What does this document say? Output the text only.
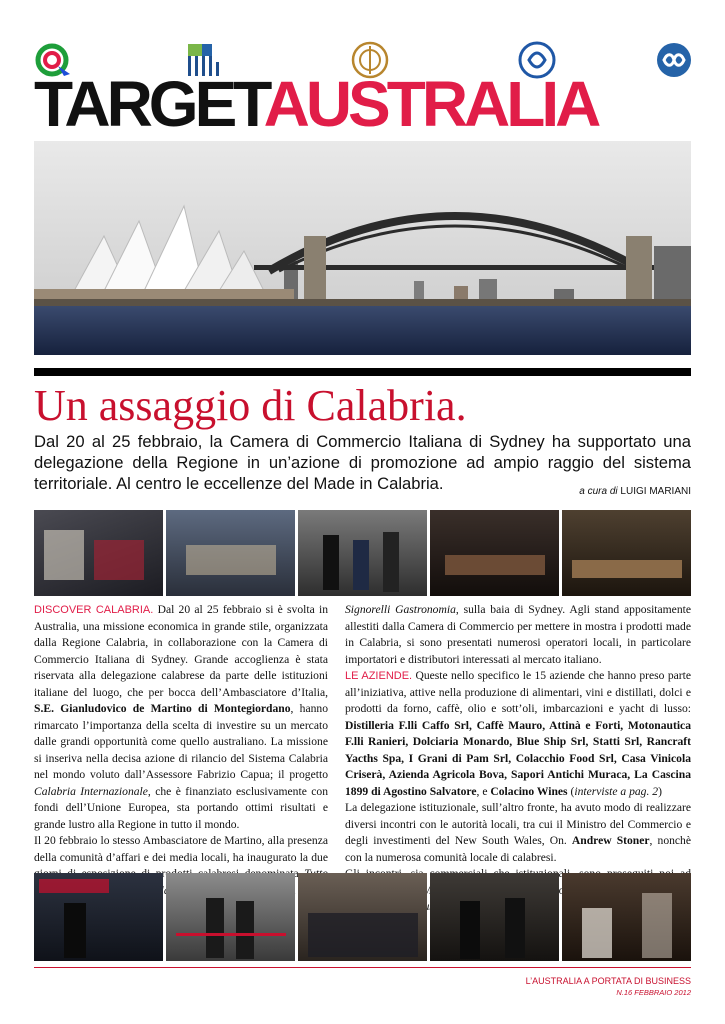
TARGETAUSTRALIA
Un assaggio di Calabria.
Dal 20 al 25 febbraio, la Camera di Commercio Italiana di Sydney ha supportato una delegazione della Regione in un’azione di promozione ad ampio raggio del sistema territoriale. Al centro le eccellenze del Made in Calabria.	a cura di LUIGI MARIANI

DISCOVER CALABRIA. Dal 20 al 25 febbraio si è svolta in Australia, una missione economica in grande stile, organizzata dalla Regione Calabria, in collaborazione con la Camera di Commercio Italiana di Sydney. Grande accoglienza è stata riservata alla delegazione calabrese da parte delle istituzioni italiane del luogo, che per bocca dell’Ambasciatore d’Italia, S.E. Gianludovico de Martino di Montegiordano, hanno rimarcato l’importanza della scelta di investire su un mercato dalle grandi opportunità come quello australiano. La missione si inseriva nella decisa azione di rilancio del Sistema Calabria nel mondo voluto dall’Assessore Fabrizio Capua; il progetto Calabria Internazionale, che è finanziato esclusivamente con fondi dell’Unione Europea, sta portando ottimi risultati e grande lustro alla Regione in tutto il mondo.

Il 20 febbraio lo stesso Ambasciatore de Martino, alla presenza della comunità d’affari e dei media locali, ha inaugurato la due

Signorelli Gastronomia, sulla baia di Sydney. Agli stand appositamente allestiti dalla Camera di Commercio per mettere in mostra i prodotti made in Calabria, si sono presentati numerosi operatori locali, in particolare importatori e distributori interessati al mercato italiano.

LE AZIENDE. Queste nello specifico le 15 aziende che hanno preso parte all’iniziativa, attive nella produzione di alimentari, vini e distillati, dolci e prodotti da forno, caffè, olio e sott’oli, imbarcazioni e yacht di lusso: Distilleria F.lli Caffo Srl, Caffè Mauro, Attinà e Forti, Motonautica F.lli Ranieri, Dolciaria Monardo, Blue Ship Srl, Statti Srl, Rancraft Yacths Spa, I Grani di Pam Srl, Colacchio Food Srl, Casa Vinicola Criserà, Azienda Agricola Bova, Sapori Antichi Muraca, La Cascina 1899 di Agostino Salvatore, e Colacino Wines (interviste a pag. 2)

La delegazione istituzionale, sull’altro fronte, ha avuto modo di realizzare diversi incontri con le autorità locali, tra cui il Ministro del Commercio e degli investimenti del New South Wales, On. Andrew Stoner, nonchè con la numerosa comunità locale di calabresi.

L’AUSTRALIA A PORTATA DI BUSINESS
N.16 FEBBRAIO 2012
